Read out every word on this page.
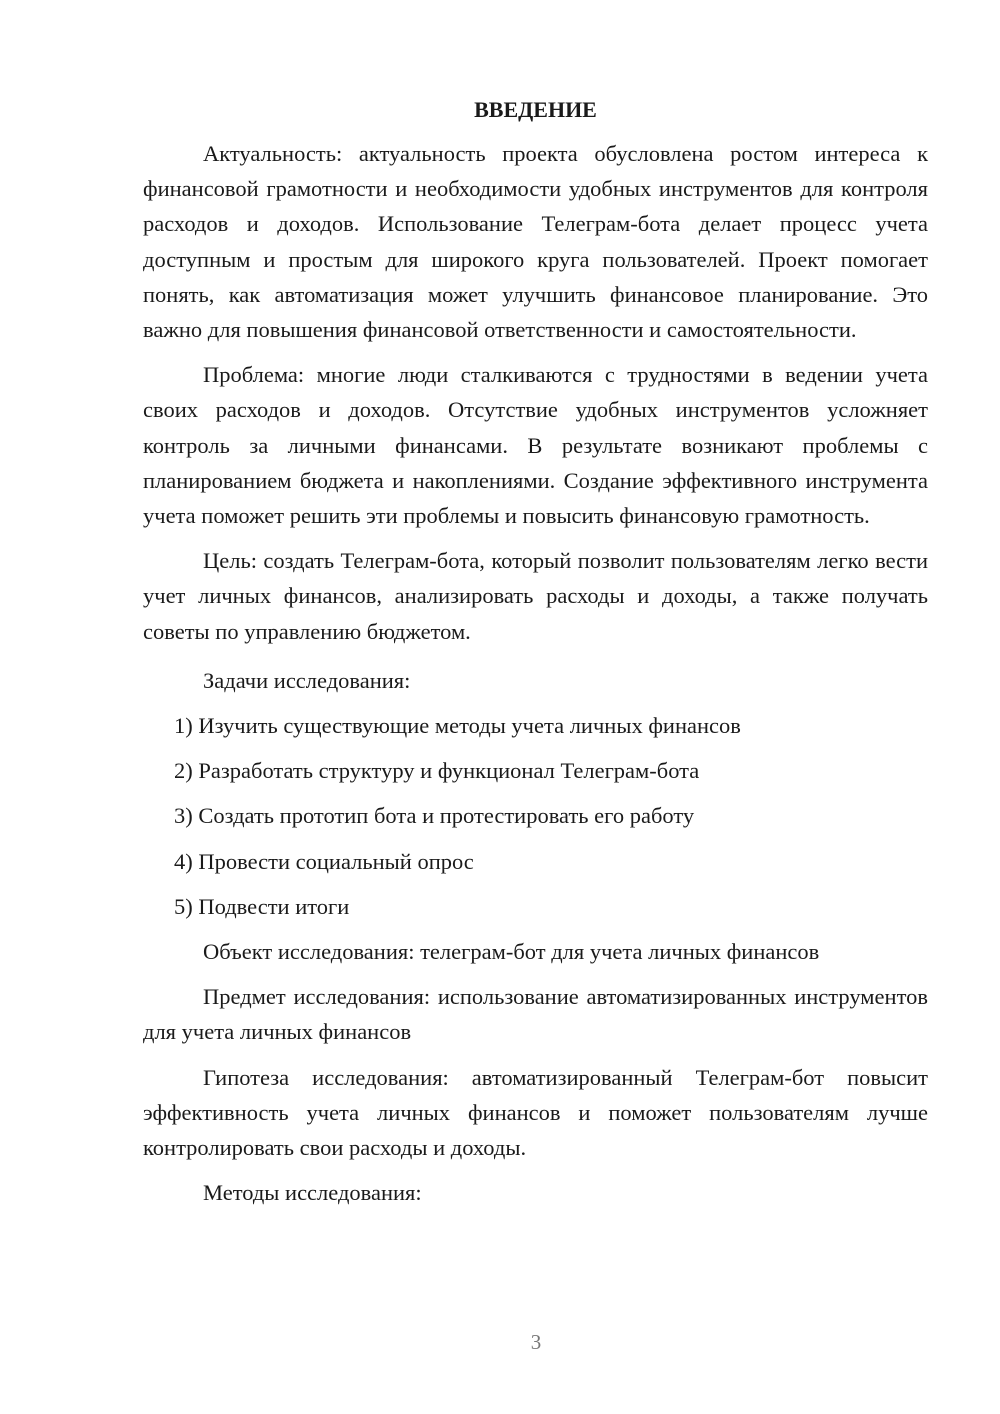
ВВЕДЕНИЕ

Актуальность: актуальность проекта обусловлена ростом интереса к финансовой грамотности и необходимости удобных инструментов для контроля расходов и доходов. Использование Телеграм-бота делает процесс учета доступным и простым для широкого круга пользователей. Проект помогает понять, как автоматизация может улучшить финансовое планирование. Это важно для повышения финансовой ответственности и самостоятельности.

Проблема: многие люди сталкиваются с трудностями в ведении учета своих расходов и доходов. Отсутствие удобных инструментов усложняет контроль за личными финансами. В результате возникают проблемы с планированием бюджета и накоплениями. Создание эффективного инструмента учета поможет решить эти проблемы и повысить финансовую грамотность.

Цель: создать Телеграм-бота, который позволит пользователям легко вести учет личных финансов, анализировать расходы и доходы, а также получать советы по управлению бюджетом.

Задачи исследования:

1) Изучить существующие методы учета личных финансов

2) Разработать структуру и функционал Телеграм-бота

3) Создать прототип бота и протестировать его работу

4) Провести социальный опрос

5) Подвести итоги

Объект исследования: телеграм-бот для учета личных финансов

Предмет исследования: использование автоматизированных инструментов для учета личных финансов

Гипотеза исследования: автоматизированный Телеграм-бот повысит эффективность учета личных финансов и поможет пользователям лучше контролировать свои расходы и доходы.

Методы исследования:

3
